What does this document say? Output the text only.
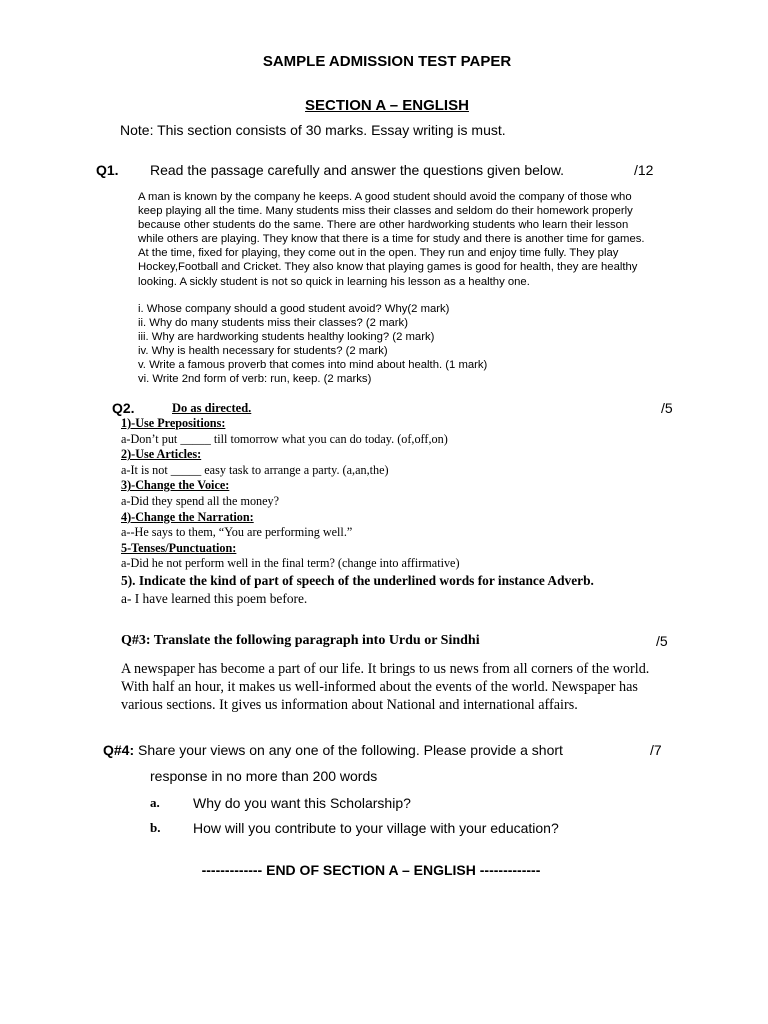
SAMPLE ADMISSION TEST PAPER
SECTION A – ENGLISH
Note: This section consists of 30 marks. Essay writing is must.
Q1. Read the passage carefully and answer the questions given below.	/12

A man is known by the company he keeps. A good student should avoid the company of those who

keep playing all the time. Many students miss their classes and seldom do their homework properly

because other students do the same. There are other hardworking students who learn their lesson

while others are playing. They know that there is a time for study and there is another time for games.

At the time, fixed for playing, they come out in the open. They run and enjoy time fully. They play

Hockey,Football and Cricket. They also know that playing games is good for health, they are healthy

looking. A sickly student is not so quick in learning his lesson as a healthy one.

i. Whose company should a good student avoid? Why(2 mark)
ii. Why do many students miss their classes? (2 mark)
iii. Why are hardworking students healthy looking? (2 mark)
iv. Why is health necessary for students? (2 mark)
v. Write a famous proverb that comes into mind about health. (1 mark)
vi. Write 2nd form of verb: run, keep. (2 marks)
Q2.	Do as directed.	/5
1)-Use Prepositions:
a-Don’t put _____ till tomorrow what you can do today. (of,off,on)
2)-Use Articles:
a-It is not _____ easy task to arrange a party. (a,an,the)
3)-Change the Voice:
a-Did they spend all the money?
4)-Change the Narration:
a--He says to them, “You are performing well.”
5-Tenses/Punctuation:
a-Did he not perform well in the final term? (change into affirmative)
5). Indicate the kind of part of speech of the underlined words for instance Adverb.
a- I have learned this poem before.
Q#3: Translate the following paragraph into Urdu or Sindhi	/5
A newspaper has become a part of our life. It brings to us news from all corners of the world.
With half an hour, it makes us well-informed about the events of the world. Newspaper has
various sections. It gives us information about National and international affairs.
Q#4: Share your views on any one of the following. Please provide a short	/7
response in no more than 200 words
a. Why do you want this Scholarship?
b. How will you contribute to your village with your education?
------------- END OF SECTION A – ENGLISH -------------
